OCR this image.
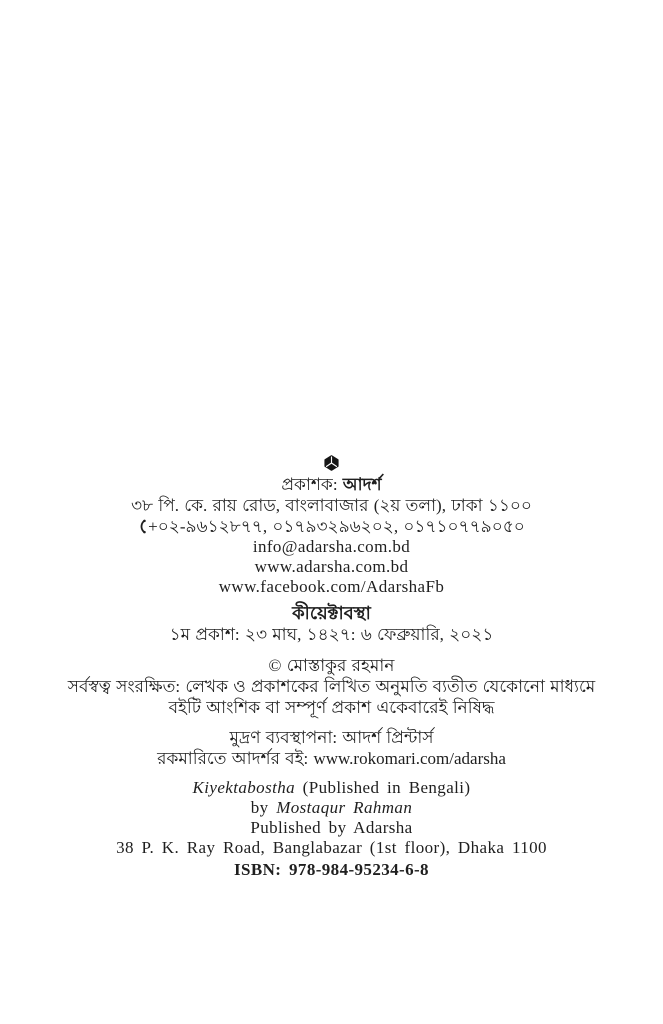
প্রকাশক: আদর্শ
৩৮ পি. কে. রায় রোড, বাংলাবাজার (২য় তলা), ঢাকা ১১০০
+০২-৯৬১২৮৭৭, ০১৭৯৩২৯৬২০২, ০১৭১০৭৭৯০৫০
info@adarsha.com.bd
www.adarsha.com.bd
www.facebook.com/AdarshaFb
কীয়েক্টাবস্থা
১ম প্রকাশ: ২৩ মাঘ, ১৪২৭: ৬ ফেব্রুয়ারি, ২০২১
© মোস্তাকুর রহমান
সর্বস্বত্ব সংরক্ষিত: লেখক ও প্রকাশকের লিখিত অনুমতি ব্যতীত যেকোনো মাধ্যমে
বইটি আংশিক বা সম্পূর্ণ প্রকাশ একেবারেই নিষিদ্ধ
মুদ্রণ ব্যবস্থাপনা: আদর্শ প্রিন্টার্স
রকমারিতে আদর্শর বই: www.rokomari.com/adarsha
Kiyektabostha (Published in Bengali)
by Mostaqur Rahman
Published by Adarsha
38 P. K. Ray Road, Banglabazar (1st floor), Dhaka 1100
ISBN: 978-984-95234-6-8
